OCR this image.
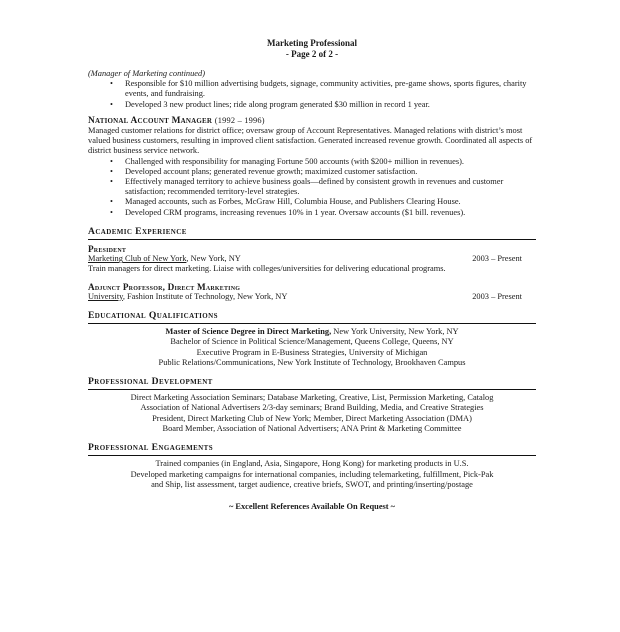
Marketing Professional
- Page 2 of 2 -
(Manager of Marketing continued)
• Responsible for $10 million advertising budgets, signage, community activities, pre-game shows, sports figures, charity events, and fundraising.
• Developed 3 new product lines; ride along program generated $30 million in record 1 year.
National Account Manager (1992 – 1996)

Managed customer relations for district office; oversaw group of Account Representatives. Managed relations with district’s most valued business customers, resulting in improved client satisfaction. Generated increased revenue growth. Coordinated all aspects of district business service network.

• Challenged with responsibility for managing Fortune 500 accounts (with $200+ million in revenues).
• Developed account plans; generated revenue growth; maximized customer satisfaction.
• Effectively managed territory to achieve business goals—defined by consistent growth in revenues and customer satisfaction; recommended territory-level strategies.
• Managed accounts, such as Forbes, McGraw Hill, Columbia House, and Publishers Clearing House.
• Developed CRM programs, increasing revenues 10% in 1 year. Oversaw accounts ($1 bill. revenues).
Academic Experience
President
Marketing Club of New York, New York, NY	2003 – Present

Train managers for direct marketing. Liaise with colleges/universities for delivering educational programs.

Adjunct Professor, Direct Marketing
University, Fashion Institute of Technology, New York, NY	2003 – Present
Educational Qualifications
Master of Science Degree in Direct Marketing, New York University, New York, NY
Bachelor of Science in Political Science/Management, Queens College, Queens, NY
Executive Program in E-Business Strategies, University of Michigan
Public Relations/Communications, New York Institute of Technology, Brookhaven Campus
Professional Development
Direct Marketing Association Seminars; Database Marketing, Creative, List, Permission Marketing, Catalog
Association of National Advertisers 2/3-day seminars; Brand Building, Media, and Creative Strategies
President, Direct Marketing Club of New York; Member, Direct Marketing Association (DMA)
Board Member, Association of National Advertisers; ANA Print & Marketing Committee
Professional Engagements
Trained companies (in England, Asia, Singapore, Hong Kong) for marketing products in U.S.
Developed marketing campaigns for international companies, including telemarketing, fulfillment, Pick-Pak
and Ship, list assessment, target audience, creative briefs, SWOT, and printing/inserting/postage
~ Excellent References Available On Request ~
